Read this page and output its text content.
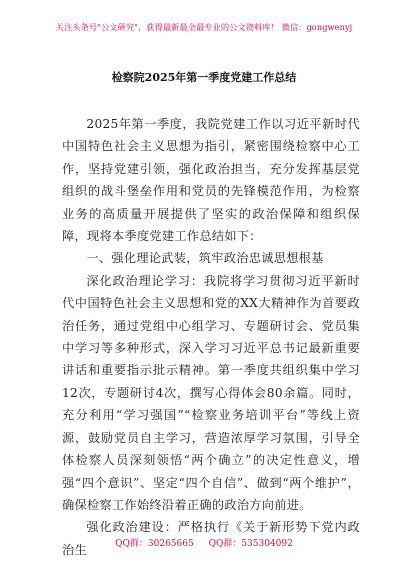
关注头条号"公文研究"，获得最新最全最专业的公文资料库！ 微信：gongwenyj
检察院2025年第一季度党建工作总结

2025年第一季度，我院党建工作以习近平新时代中国特色社会主义思想为指引，紧密围绕检察中心工作，坚持党建引领，强化政治担当，充分发挥基层党组织的战斗堡垒作用和党员的先锋模范作用，为检察业务的高质量开展提供了坚实的政治保障和组织保障，现将本季度党建工作总结如下：

一、强化理论武装，筑牢政治忠诚思想根基

深化政治理论学习：我院将学习贯彻习近平新时代中国特色社会主义思想和党的XX大精神作为首要政治任务，通过党组中心组学习、专题研讨会、党员集中学习等多种形式，深入学习习近平总书记最新重要讲话和重要指示批示精神。第一季度共组织集中学习12次，专题研讨4次，撰写心得体会80余篇。同时，充分利用“学习强国”“检察业务培训平台”等线上资源，鼓励党员自主学习，营造浓厚学习氛围，引导全体检察人员深刻领悟“两个确立”的决定性意义，增强“四个意识”、坚定“四个自信”、做到“两个维护”，确保检察工作始终沿着正确的政治方向前进。

强化政治建设：严格执行《关于新形势下党内政治生	QQ群：30265665 QQ群：535304092
